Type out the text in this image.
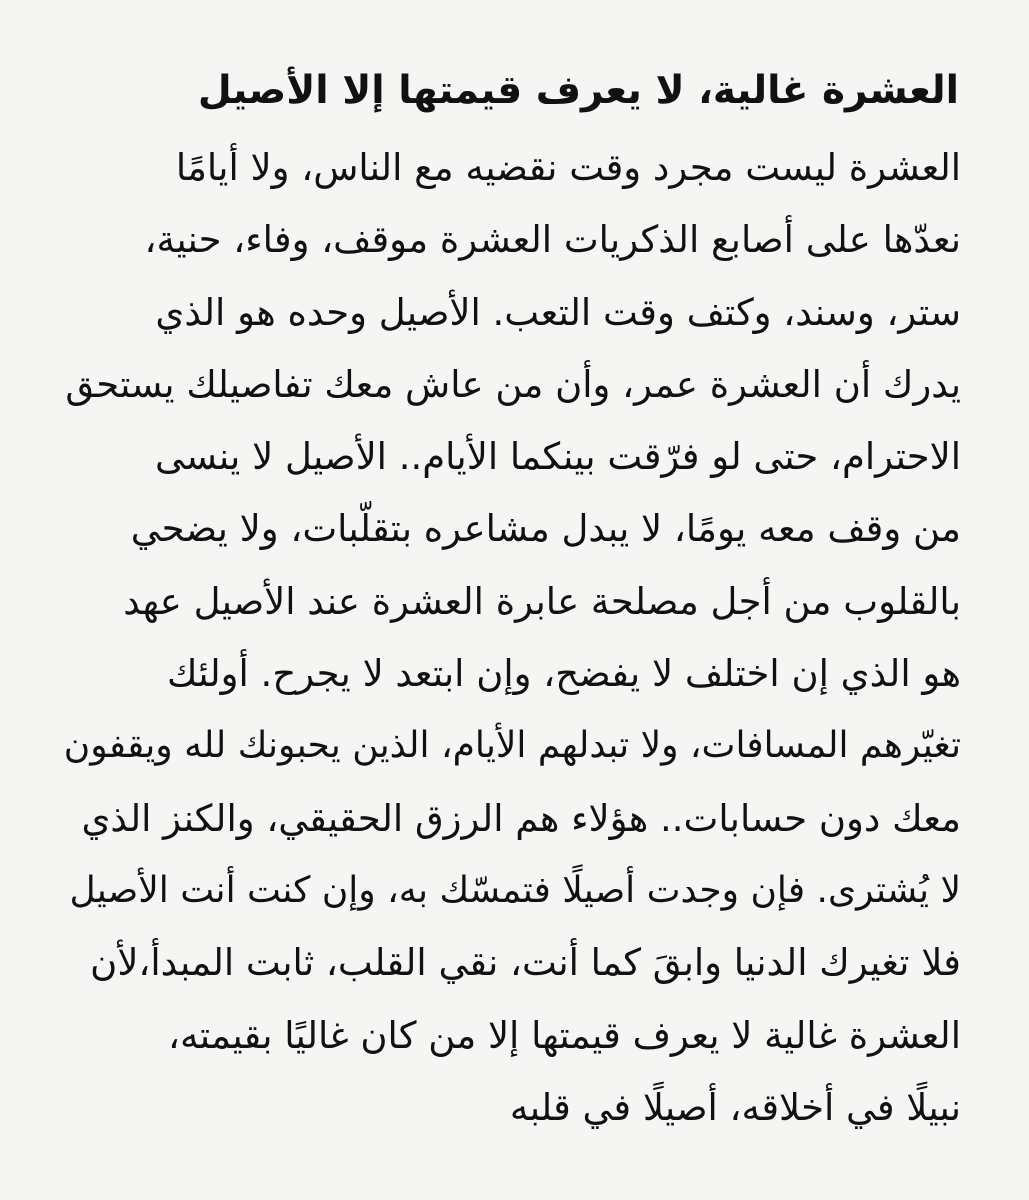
العشرة غالية، لا يعرف قيمتها إلا الأصيل
العشرة ليست مجرد وقت نقضيه مع الناس، ولا أيامًا
نعدّها على أصابع الذكريات العشرة موقف، وفاء، حنية،
ستر، وسند، وكتف وقت التعب. الأصيل وحده هو الذي
يدرك أن العشرة عمر، وأن من عاش معك تفاصيلك يستحق
الاحترام، حتى لو فرّقت بينكما الأيام.. الأصيل لا ينسى
من وقف معه يومًا، لا يبدل مشاعره بتقلّبات، ولا يضحي
بالقلوب من أجل مصلحة عابرة العشرة عند الأصيل عهد
هو الذي إن اختلف لا يفضح، وإن ابتعد لا يجرح. أولئك
تغيّرهم المسافات، ولا تبدلهم الأيام، الذين يحبونك لله ويقفون
معك دون حسابات.. هؤلاء هم الرزق الحقيقي، والكنز الذي
لا يُشترى. فإن وجدت أصيلًا فتمسّك به، وإن كنت أنت الأصيل
فلا تغيرك الدنيا وابقَ كما أنت، نقي القلب، ثابت المبدأ،لأن
العشرة غالية لا يعرف قيمتها إلا من كان غاليًا بقيمته،
نبيلًا في أخلاقه، أصيلًا في قلبه
